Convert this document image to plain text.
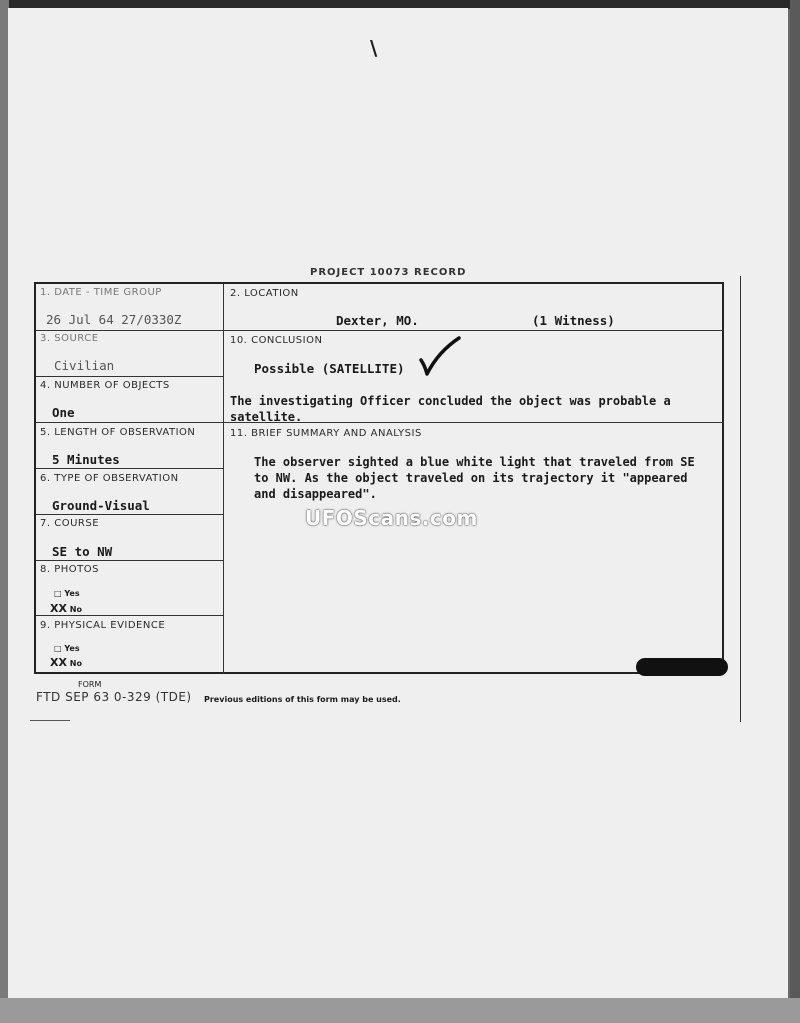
\
PROJECT 10073 RECORD
1. DATE - TIME GROUP
26 Jul 64 27/0330Z
2. LOCATION
Dexter, MO.	(1 Witness)
3. SOURCE
Civilian
10. CONCLUSION
Possible (SATELLITE)
The investigating Officer concluded the object was probable a satellite.
4. NUMBER OF OBJECTS
One
5. LENGTH OF OBSERVATION
5 Minutes
11. BRIEF SUMMARY AND ANALYSIS
The observer sighted a blue white light that traveled from SE to NW. As the object traveled on its trajectory it "appeared and disappeared".
6. TYPE OF OBSERVATION
Ground-Visual
7. COURSE
SE to NW
8. PHOTOS
□ Yes
XX No
9. PHYSICAL EVIDENCE
□ Yes
XX No
UFOScans.com
FORM
FTD SEP 63 0-329 (TDE) Previous editions of this form may be used.
